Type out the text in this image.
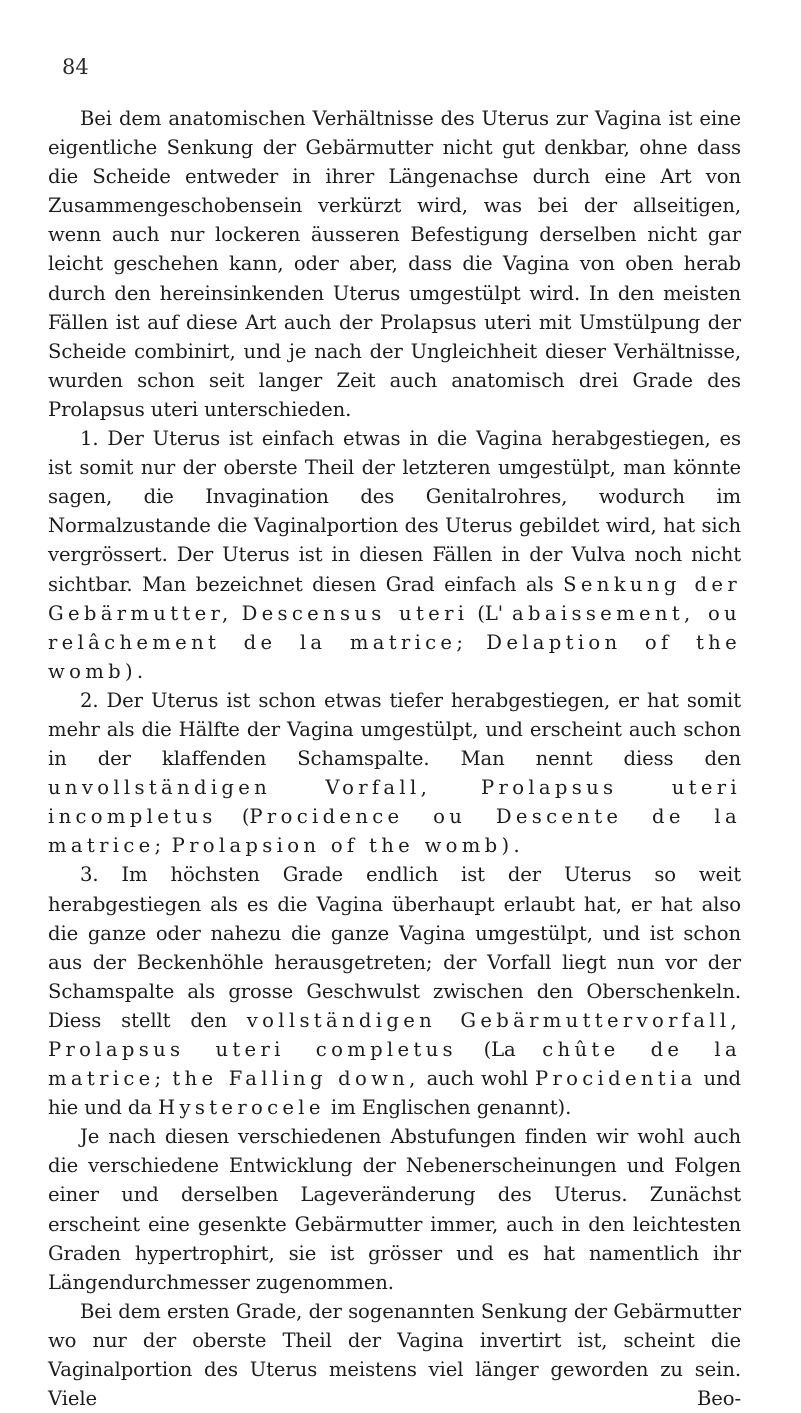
84

Bei dem anatomischen Verhältnisse des Uterus zur Vagina ist eine eigentliche Senkung der Gebärmutter nicht gut denkbar, ohne dass die Scheide entweder in ihrer Längenachse durch eine Art von Zusammengeschobensein verkürzt wird, was bei der allseitigen, wenn auch nur lockeren äusseren Befestigung derselben nicht gar leicht geschehen kann, oder aber, dass die Vagina von oben herab durch den hereinsinkenden Uterus umgestülpt wird. In den meisten Fällen ist auf diese Art auch der Prolapsus uteri mit Umstülpung der Scheide combinirt, und je nach der Ungleichheit dieser Verhältnisse, wurden schon seit langer Zeit auch anatomisch drei Grade des Prolapsus uteri unterschieden.

1. Der Uterus ist einfach etwas in die Vagina herabgestiegen, es ist somit nur der oberste Theil der letzteren umgestülpt, man könnte sagen, die Invagination des Genitalrohres, wodurch im Normalzustande die Vaginalportion des Uterus gebildet wird, hat sich vergrössert. Der Uterus ist in diesen Fällen in der Vulva noch nicht sichtbar. Man bezeichnet diesen Grad einfach als Senkung der Gebärmutter, Descensus uteri (L' abaissement, ou relâchement de la matrice; Delaption of the womb).

2. Der Uterus ist schon etwas tiefer herabgestiegen, er hat somit mehr als die Hälfte der Vagina umgestülpt, und erscheint auch schon in der klaffenden Schamspalte. Man nennt diess den unvollständigen Vorfall,	Prolapsus uteri incompletus (Procidence ou Descente de la matrice; Prolapsion of the womb).

3. Im höchsten Grade endlich ist der Uterus so weit herabgestiegen als es die Vagina überhaupt erlaubt hat, er hat also die ganze oder nahezu die ganze Vagina umgestülpt, und ist schon aus der Beckenhöhle herausgetreten; der Vorfall liegt nun vor der Schamspalte als grosse Geschwulst zwischen den Oberschenkeln. Diess stellt den vollständigen Gebärmuttervorfall, Prolapsus uteri completus (La chûte de la matrice; the Falling down, auch wohl Procidentia und hie und da Hysterocele im Englischen genannt).

Je nach diesen verschiedenen Abstufungen finden wir wohl auch die verschiedene Entwicklung der Nebenerscheinungen und Folgen einer und derselben Lageveränderung des Uterus. Zunächst erscheint eine gesenkte Gebärmutter immer, auch in den leichtesten Graden hypertrophirt, sie ist grösser und es hat namentlich ihr Längendurchmesser zugenommen.

Bei dem ersten Grade, der sogenannten Senkung der Gebärmutter wo nur der oberste Theil der Vagina invertirt ist, scheint die Vaginalportion des Uterus meistens viel länger geworden zu sein. Viele Beo-
